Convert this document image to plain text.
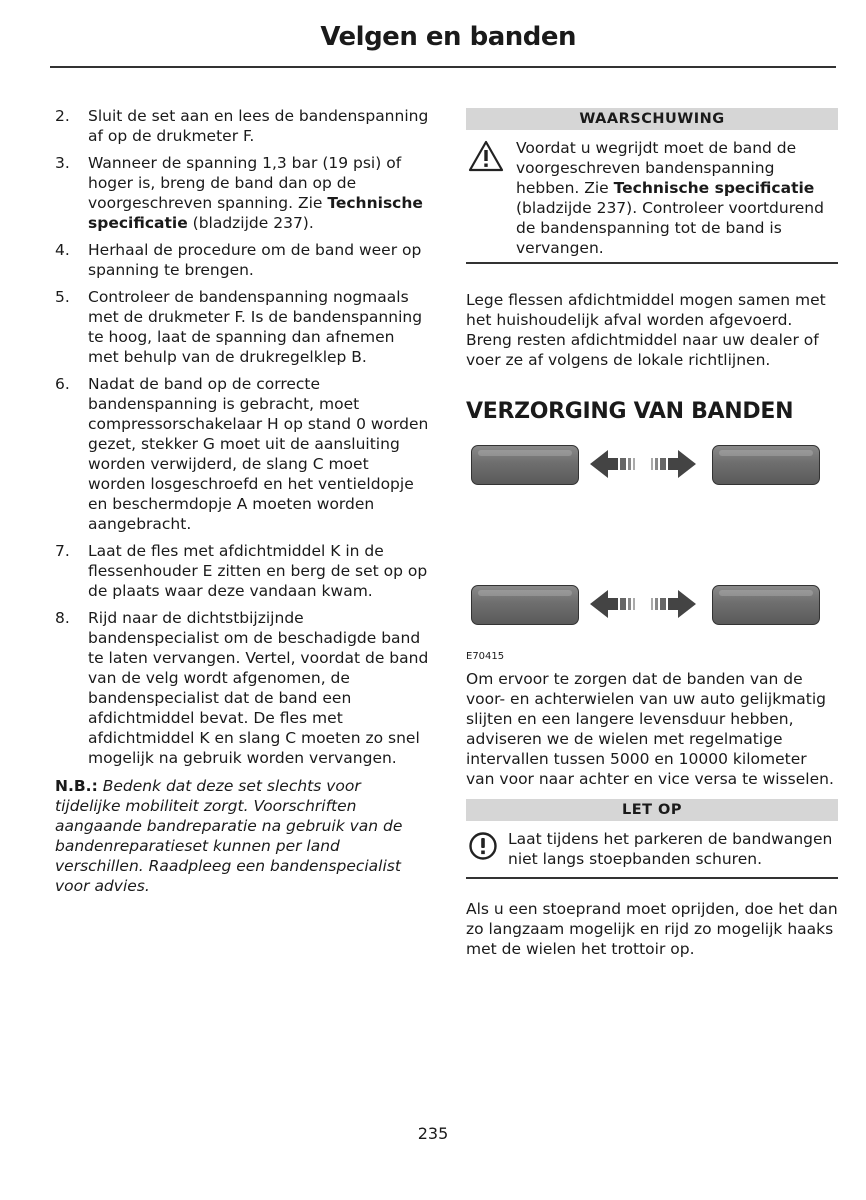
Velgen en banden
2. Sluit de set aan en lees de bandenspanning af op de drukmeter F.
3. Wanneer de spanning 1,3 bar (19 psi) of hoger is, breng de band dan op de voorgeschreven spanning. Zie Technische specificatie (bladzijde 237).
4. Herhaal de procedure om de band weer op spanning te brengen.
5. Controleer de bandenspanning nogmaals met de drukmeter F. Is de bandenspanning te hoog, laat de spanning dan afnemen met behulp van de drukregelklep B.
6. Nadat de band op de correcte bandenspanning is gebracht, moet compressorschakelaar H op stand 0 worden gezet, stekker G moet uit de aansluiting worden verwijderd, de slang C moet worden losgeschroefd en het ventieldopje en beschermdopje A moeten worden aangebracht.
7. Laat de fles met afdichtmiddel K in de flessenhouder E zitten en berg de set op op de plaats waar deze vandaan kwam.
8. Rijd naar de dichtstbijzijnde bandenspecialist om de beschadigde band te laten vervangen. Vertel, voordat de band van de velg wordt afgenomen, de bandenspecialist dat de band een afdichtmiddel bevat. De fles met afdichtmiddel K en slang C moeten zo snel mogelijk na gebruik worden vervangen.
N.B.: Bedenk dat deze set slechts voor tijdelijke mobiliteit zorgt. Voorschriften aangaande bandreparatie na gebruik van de bandenreparatieset kunnen per land verschillen. Raadpleeg een bandenspecialist voor advies.
WAARSCHUWING
Voordat u wegrijdt moet de band de
voorgeschreven bandenspanning
hebben. Zie Technische specificatie (bladzijde 237). Controleer voortdurend de bandenspanning tot de band is vervangen.

Lege flessen afdichtmiddel mogen samen met het huishoudelijk afval worden afgevoerd. Breng resten afdichtmiddel naar uw dealer of voer ze af volgens de lokale richtlijnen.

VERZORGING VAN BANDEN
E70415

Om ervoor te zorgen dat de banden van de voor- en achterwielen van uw auto gelijkmatig slijten en een langere levensduur hebben, adviseren we de wielen met regelmatige intervallen tussen 5000 en 10000 kilometer van voor naar achter en vice versa te wisselen.

LET OP
Laat tijdens het parkeren de bandwangen niet langs stoepbanden schuren.

Als u een stoeprand moet oprijden, doe het dan zo langzaam mogelijk en rijd zo mogelijk haaks met de wielen het trottoir op.

235
